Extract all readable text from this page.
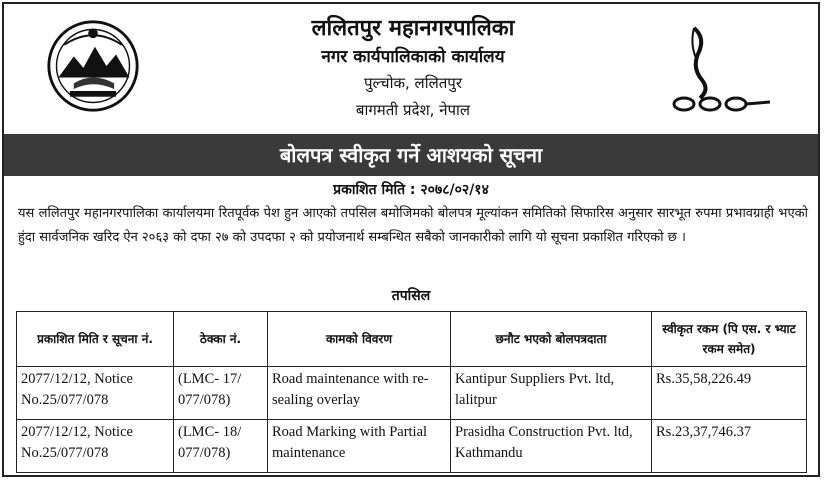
ललितपुर महानगरपालिका
नगर कार्यपालिकाको कार्यालय
पुल्चोक, ललितपुर
बागमती प्रदेश, नेपाल
बोलपत्र स्वीकृत गर्ने आशयको सूचना
प्रकाशित मिति : २०७८/०२/१४
यस ललितपुर महानगरपालिका कार्यालयमा रितपूर्वक पेश हुन आएको तपसिल बमोजिमको बोलपत्र मूल्यांकन समितिको सिफारिस अनुसार सारभूत रुपमा प्रभावग्राही भएको हुंदा सार्वजनिक खरिद ऐन २०६३ को दफा २७ को उपदफा २ को प्रयोजनार्थ सम्बन्धित सबैको जानकारीको लागि यो सूचना प्रकाशित गरिएको छ ।
तपसिल
प्रकाशित मिति र सूचना नं.	ठेक्का नं.	कामको विवरण	छनौट भएको बोलपत्रदाता	स्वीकृत रकम (पि एस. र भ्याट रकम समेत)
2077/12/12, Notice No.25/077/078	(LMC- 17/ 077/078)	Road maintenance with re-sealing overlay	Kantipur Suppliers Pvt. ltd, lalitpur	Rs.35,58,226.49
2077/12/12, Notice No.25/077/078	(LMC- 18/ 077/078)	Road Marking with Partial maintenance	Prasidha Construction Pvt. ltd, Kathmandu	Rs.23,37,746.37
